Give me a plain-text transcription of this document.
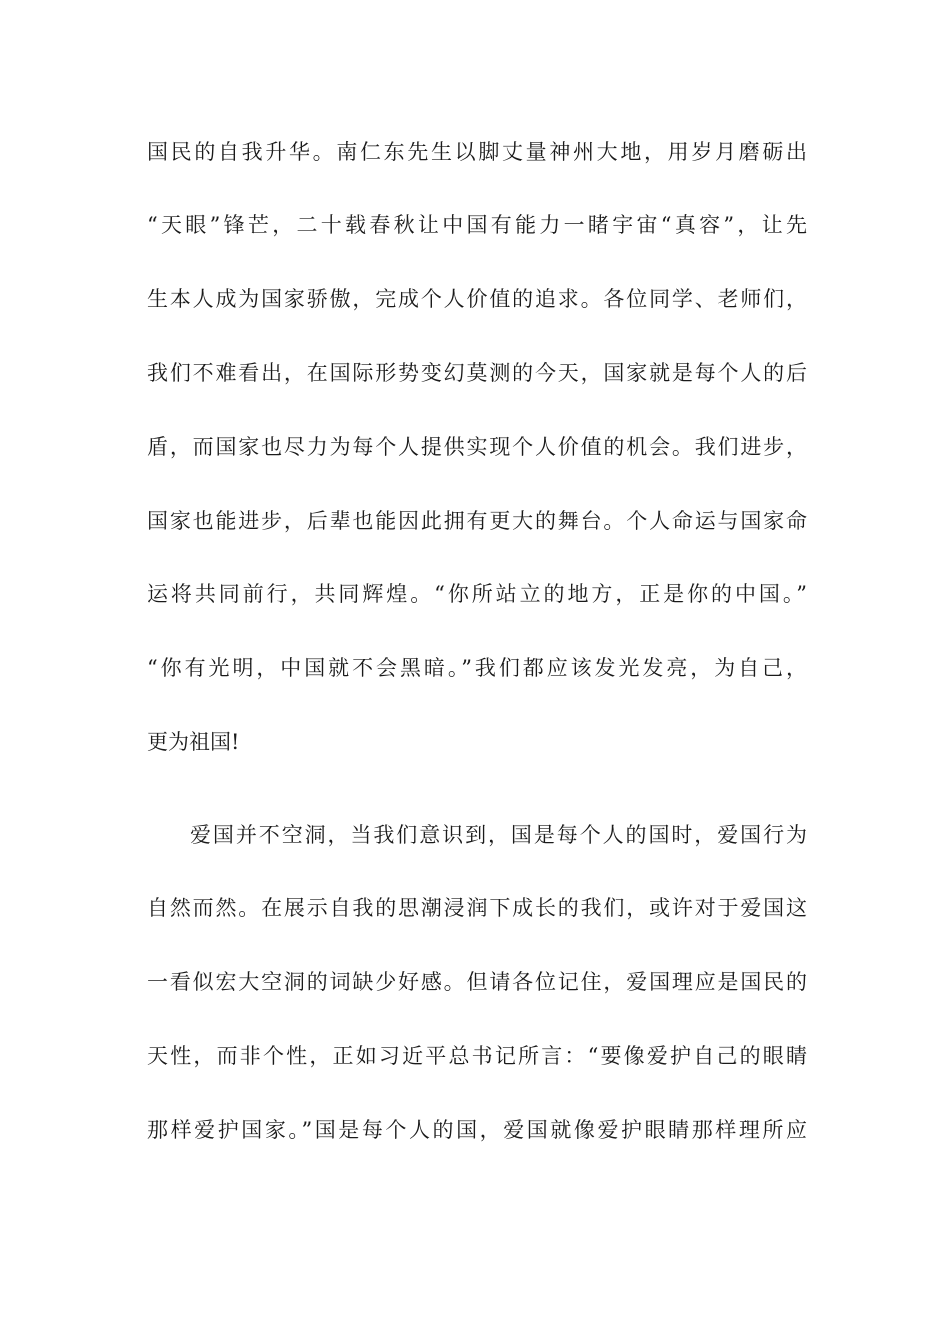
国民的自我升华。南仁东先生以脚丈量神州大地，用岁月磨砺出
“天眼”锋芒，二十载春秋让中国有能力一睹宇宙“真容”，让先
生本人成为国家骄傲，完成个人价值的追求。各位同学、老师们，
我们不难看出，在国际形势变幻莫测的今天，国家就是每个人的后
盾，而国家也尽力为每个人提供实现个人价值的机会。我们进步，
国家也能进步，后辈也能因此拥有更大的舞台。个人命运与国家命
运将共同前行，共同辉煌。“你所站立的地方，正是你的中国。”
“你有光明，中国就不会黑暗。”我们都应该发光发亮，为自己，
更为祖国!
爱国并不空洞，当我们意识到，国是每个人的国时，爱国行为
自然而然。在展示自我的思潮浸润下成长的我们，或许对于爱国这
一看似宏大空洞的词缺少好感。但请各位记住，爱国理应是国民的
天性，而非个性，正如习近平总书记所言：“要像爱护自己的眼睛
那样爱护国家。”国是每个人的国，爱国就像爱护眼睛那样理所应
